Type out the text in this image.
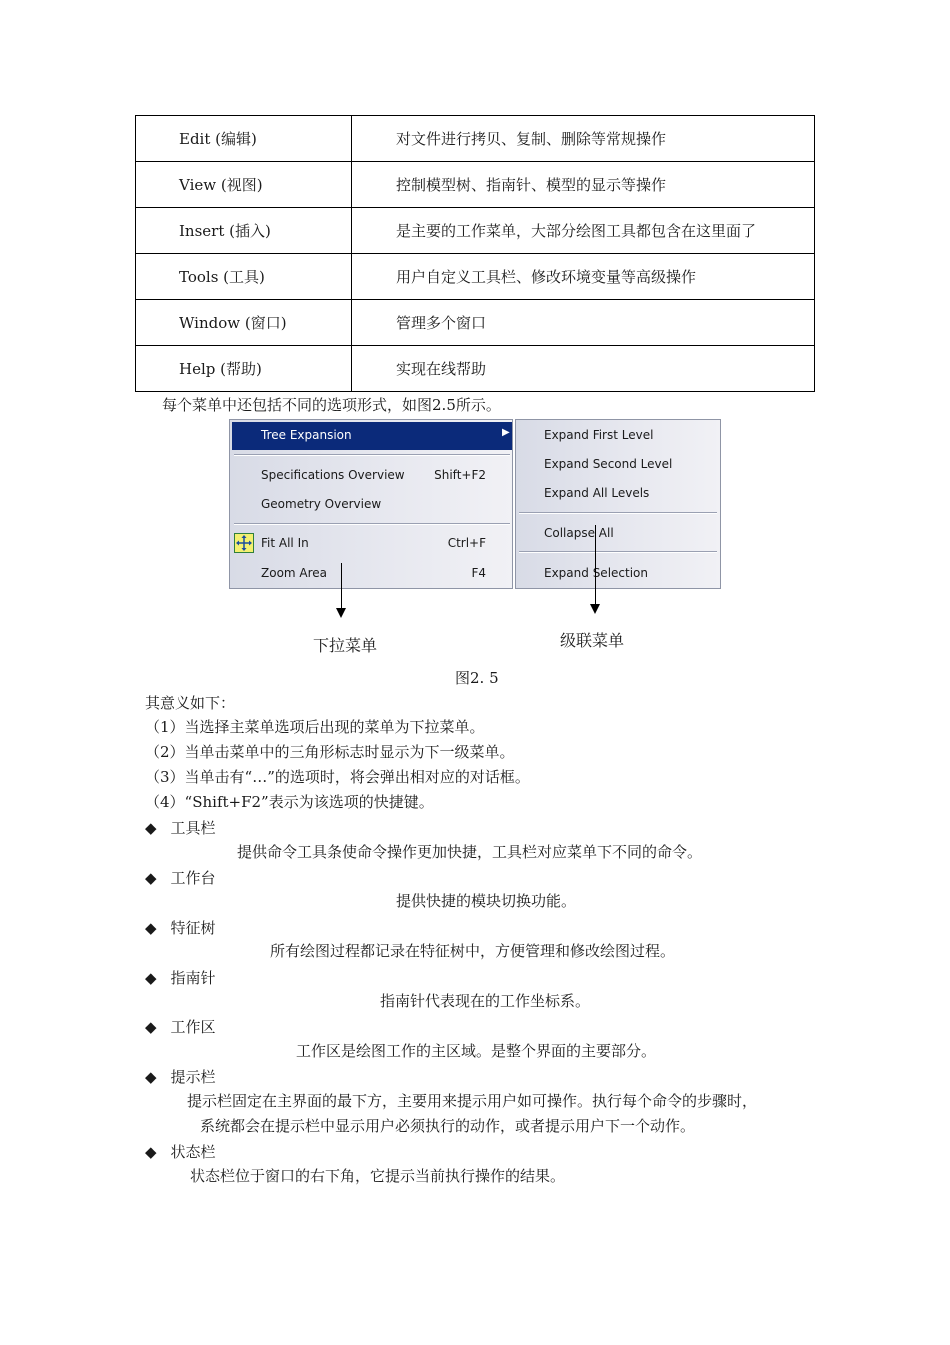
Edit (编辑)	对文件进行拷贝、复制、删除等常规操作
View (视图)	控制模型树、指南针、模型的显示等操作
Insert (插入)	是主要的工作菜单，大部分绘图工具都包含在这里面了
Tools (工具)	用户自定义工具栏、修改环境变量等高级操作
Window (窗口)	管理多个窗口
Help (帮助)	实现在线帮助
每个菜单中还包括不同的选项形式，如图2.5所示。
Tree Expansion	▶
Specifications Overview Shift+F2
Geometry Overview
Fit All In	Ctrl+F
Zoom Area	F4
Expand First Level
Expand Second Level
Expand All Levels
Collapse All
Expand Selection
下拉菜单	级联菜单
图2. 5
其意义如下：
（1）当选择主菜单选项后出现的菜单为下拉菜单。
（2）当单击菜单中的三角形标志时显示为下一级菜单。
（3）当单击有“…”的选项时，将会弹出相对应的对话框。
（4）“Shift+F2”表示为该选项的快捷键。
◆ 工具栏
提供命令工具条使命令操作更加快捷，工具栏对应菜单下不同的命令。
◆ 工作台
提供快捷的模块切换功能。
◆ 特征树
所有绘图过程都记录在特征树中，方便管理和修改绘图过程。
◆ 指南针
指南针代表现在的工作坐标系。
◆ 工作区
工作区是绘图工作的主区域。是整个界面的主要部分。
◆ 提示栏
提示栏固定在主界面的最下方，主要用来提示用户如可操作。执行每个命令的步骤时，
系统都会在提示栏中显示用户必须执行的动作，或者提示用户下一个动作。
◆ 状态栏
状态栏位于窗口的右下角，它提示当前执行操作的结果。
